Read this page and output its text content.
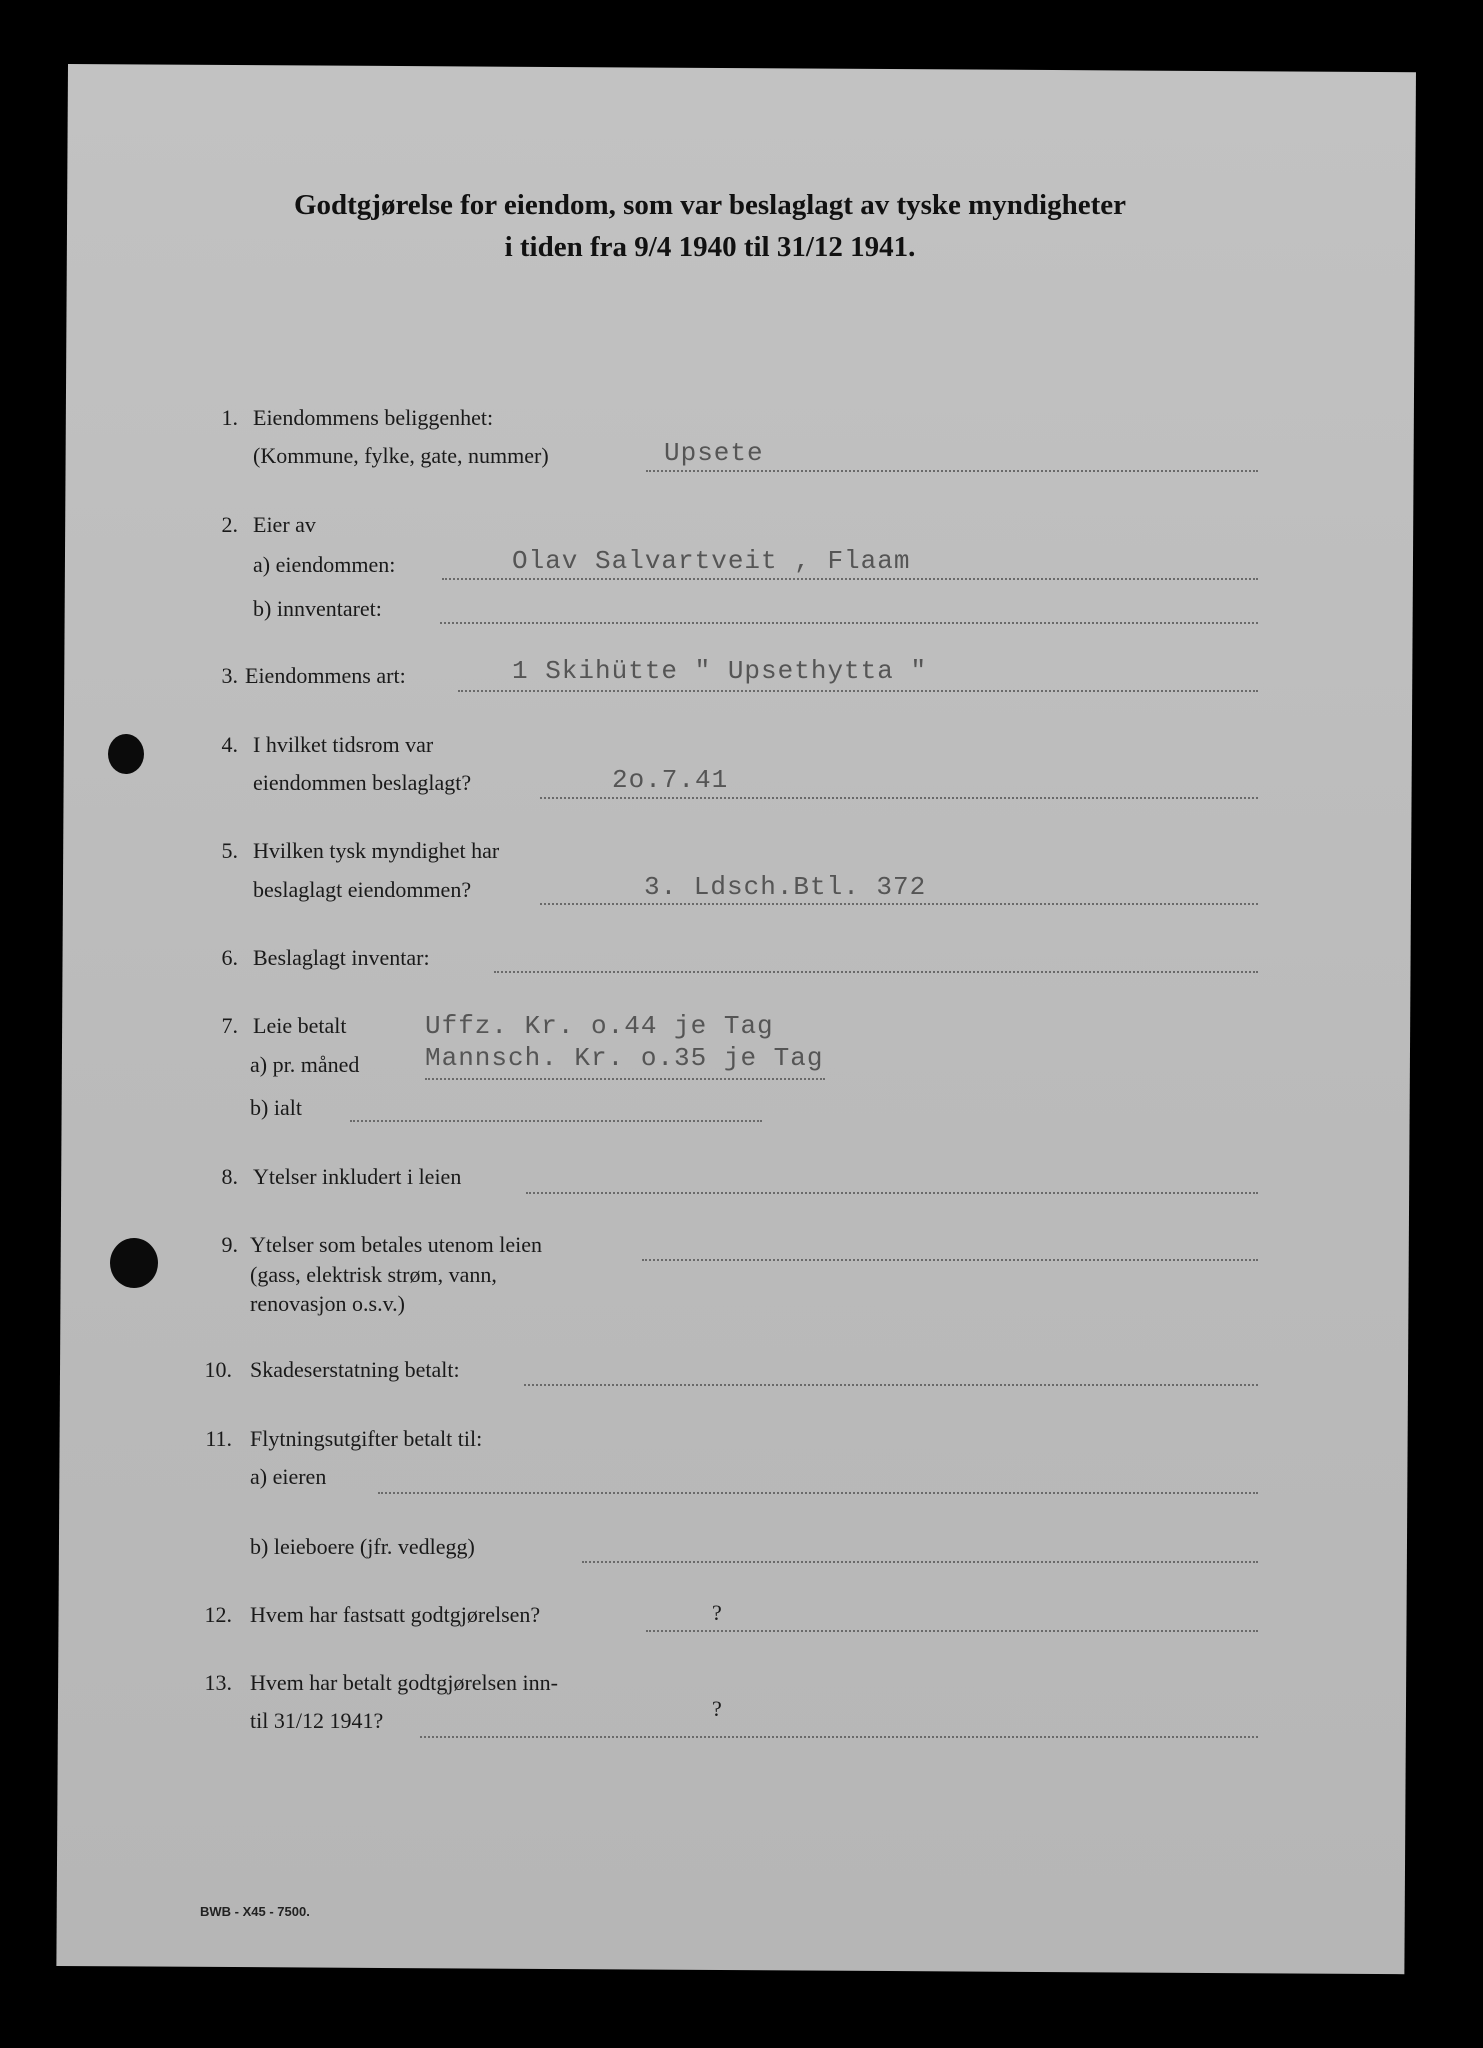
Godtgjørelse for eiendom, som var beslaglagt av tyske myndigheter
i tiden fra 9/4 1940 til 31/12 1941.
1. Eiendommens beliggenhet:
(Kommune, fylke, gate, nummer)	Upsete
2. Eier av
a) eiendommen:	Olav Salvartveit , Flaam
b) innventaret:
3. Eiendommens art:	1 Skihütte " Upsethytta "
4. I hvilket tidsrom var
eiendommen beslaglagt?	2o.7.41
5. Hvilken tysk myndighet har
beslaglagt eiendommen?	3. Ldsch.Btl. 372
6. Beslaglagt inventar:
7. Leie betalt	Uffz. Kr. o.44 je Tag
a) pr. måned	Mannsch. Kr. o.35 je Tag
b) ialt
8. Ytelser inkludert i leien
9. Ytelser som betales utenom leien
(gass, elektrisk strøm, vann,
renovasjon o.s.v.)
10. Skadeserstatning betalt:
11. Flytningsutgifter betalt til:
a) eieren
b) leieboere (jfr. vedlegg)
12. Hvem har fastsatt godtgjørelsen?	?
13. Hvem har betalt godtgjørelsen inn-
til 31/12 1941?	?
BWB - X45 - 7500.
